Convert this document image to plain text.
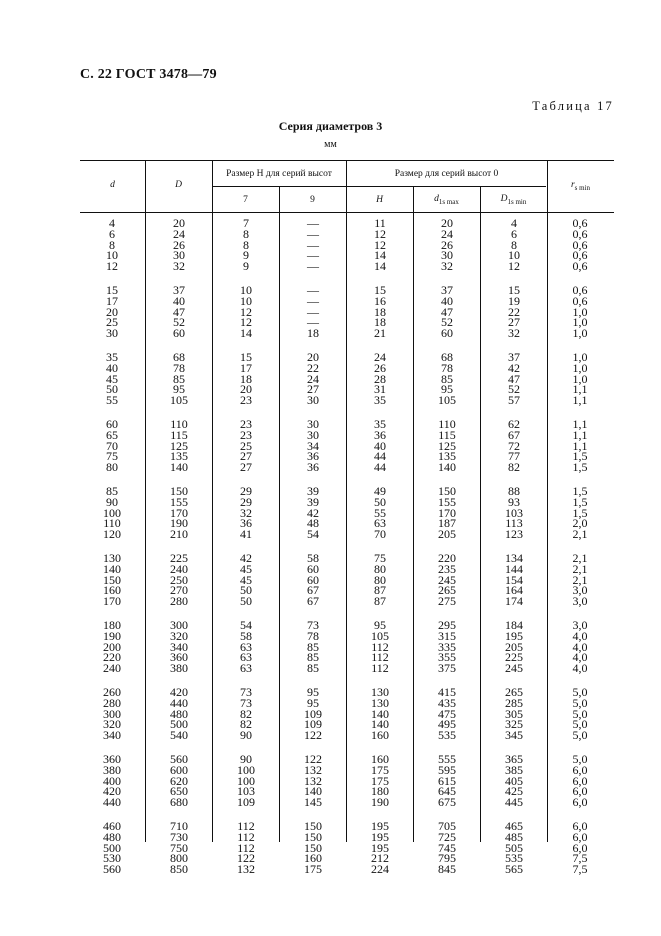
С. 22 ГОСТ 3478—79
Таблица 17
Серия диаметров 3
мм
d	D
Размер H для серий высот	Размер для серий высот 0
7	9	H	$d_{1s max}$	$D_{1s min}$
$r_{s min}$
4	20	7	—	11	20	4	0,6
6	24	8	—	12	24	6	0,6
8	26	8	—	12	26	8	0,6
10	30	9	—	14	30	10	0,6
12	32	9	—	14	32	12	0,6
15	37	10	—	15	37	15	0,6
17	40	10	—	16	40	19	0,6
20	47	12	—	18	47	22	1,0
25	52	12	—	18	52	27	1,0
30	60	14	18	21	60	32	1,0
35	68	15	20	24	68	37	1,0
40	78	17	22	26	78	42	1,0
45	85	18	24	28	85	47	1,0
50	95	20	27	31	95	52	1,1
55	105	23	30	35	105	57	1,1
60	110	23	30	35	110	62	1,1
65	115	23	30	36	115	67	1,1
70	125	25	34	40	125	72	1,1
75	135	27	36	44	135	77	1,5
80	140	27	36	44	140	82	1,5
85	150	29	39	49	150	88	1,5
90	155	29	39	50	155	93	1,5
100	170	32	42	55	170	103	1,5
110	190	36	48	63	187	113	2,0
120	210	41	54	70	205	123	2,1
130	225	42	58	75	220	134	2,1
140	240	45	60	80	235	144	2,1
150	250	45	60	80	245	154	2,1
160	270	50	67	87	265	164	3,0
170	280	50	67	87	275	174	3,0
180	300	54	73	95	295	184	3,0
190	320	58	78	105	315	195	4,0
200	340	63	85	112	335	205	4,0
220	360	63	85	112	355	225	4,0
240	380	63	85	112	375	245	4,0
260	420	73	95	130	415	265	5,0
280	440	73	95	130	435	285	5,0
300	480	82	109	140	475	305	5,0
320	500	82	109	140	495	325	5,0
340	540	90	122	160	535	345	5,0
360	560	90	122	160	555	365	5,0
380	600	100	132	175	595	385	6,0
400	620	100	132	175	615	405	6,0
420	650	103	140	180	645	425	6,0
440	680	109	145	190	675	445	6,0
460	710	112	150	195	705	465	6,0
480	730	112	150	195	725	485	6,0
500	750	112	150	195	745	505	6,0
530	800	122	160	212	795	535	7,5
560	850	132	175	224	845	565	7,5
